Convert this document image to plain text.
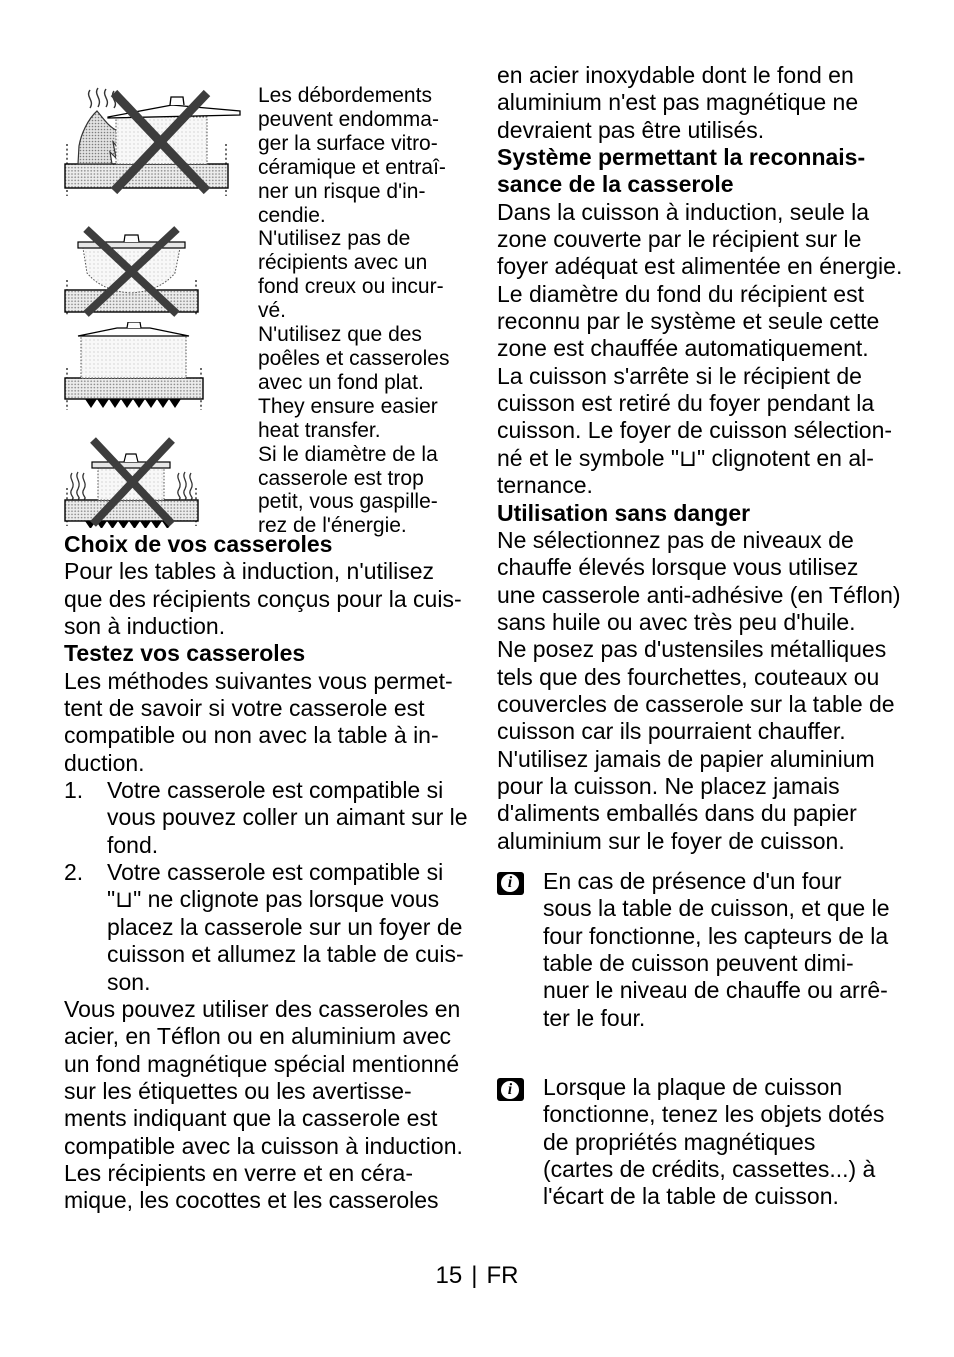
Les débordements
peuvent endomma-
ger la surface vitro-
céramique et entraî-
ner un risque d'in-
cendie.
N'utilisez pas de
récipients avec un
fond creux ou incur-
vé.
N'utilisez que des
poêles et casseroles
avec un fond plat.
They ensure easier
heat transfer.
Si le diamètre de la
casserole est trop
petit, vous gaspille-
rez de l'énergie.
Choix de vos casseroles
Pour les tables à induction, n'utilisez
que des récipients conçus pour la cuis-
son à induction.
Testez vos casseroles
Les méthodes suivantes vous permet-
tent de savoir si votre casserole est
compatible ou non avec la table à in-
duction.
1. Votre casserole est compatible si
vous pouvez coller un aimant sur le
fond.
2. Votre casserole est compatible si
"⊔" ne clignote pas lorsque vous
placez la casserole sur un foyer de
cuisson et allumez la table de cuis-
son.
Vous pouvez utiliser des casseroles en
acier, en Téflon ou en aluminium avec
un fond magnétique spécial mentionné
sur les étiquettes ou les avertisse-
ments indiquant que la casserole est
compatible avec la cuisson à induction.
Les récipients en verre et en céra-
mique, les cocottes et les casseroles
en acier inoxydable dont le fond en
aluminium n'est pas magnétique ne
devraient pas être utilisés.
Système permettant la reconnais-
sance de la casserole
Dans la cuisson à induction, seule la
zone couverte par le récipient sur le
foyer adéquat est alimentée en énergie.
Le diamètre du fond du récipient est
reconnu par le système et seule cette
zone est chauffée automatiquement.
La cuisson s'arrête si le récipient de
cuisson est retiré du foyer pendant la
cuisson. Le foyer de cuisson sélection-
né et le symbole "⊔" clignotent en al-
ternance.
Utilisation sans danger
Ne sélectionnez pas de niveaux de
chauffe élevés lorsque vous utilisez
une casserole anti-adhésive (en Téflon)
sans huile ou avec très peu d'huile.
Ne posez pas d'ustensiles métalliques
tels que des fourchettes, couteaux ou
couvercles de casserole sur la table de
cuisson car ils pourraient chauffer.
N'utilisez jamais de papier aluminium
pour la cuisson. Ne placez jamais
d'aliments emballés dans du papier
aluminium sur le foyer de cuisson.
i En cas de présence d'un four
sous la table de cuisson, et que le
four fonctionne, les capteurs de la
table de cuisson peuvent dimi-
nuer le niveau de chauffe ou arrê-
ter le four.
i Lorsque la plaque de cuisson
fonctionne, tenez les objets dotés
de propriétés magnétiques
(cartes de crédits, cassettes...) à
l'écart de la table de cuisson.
15 | FR
